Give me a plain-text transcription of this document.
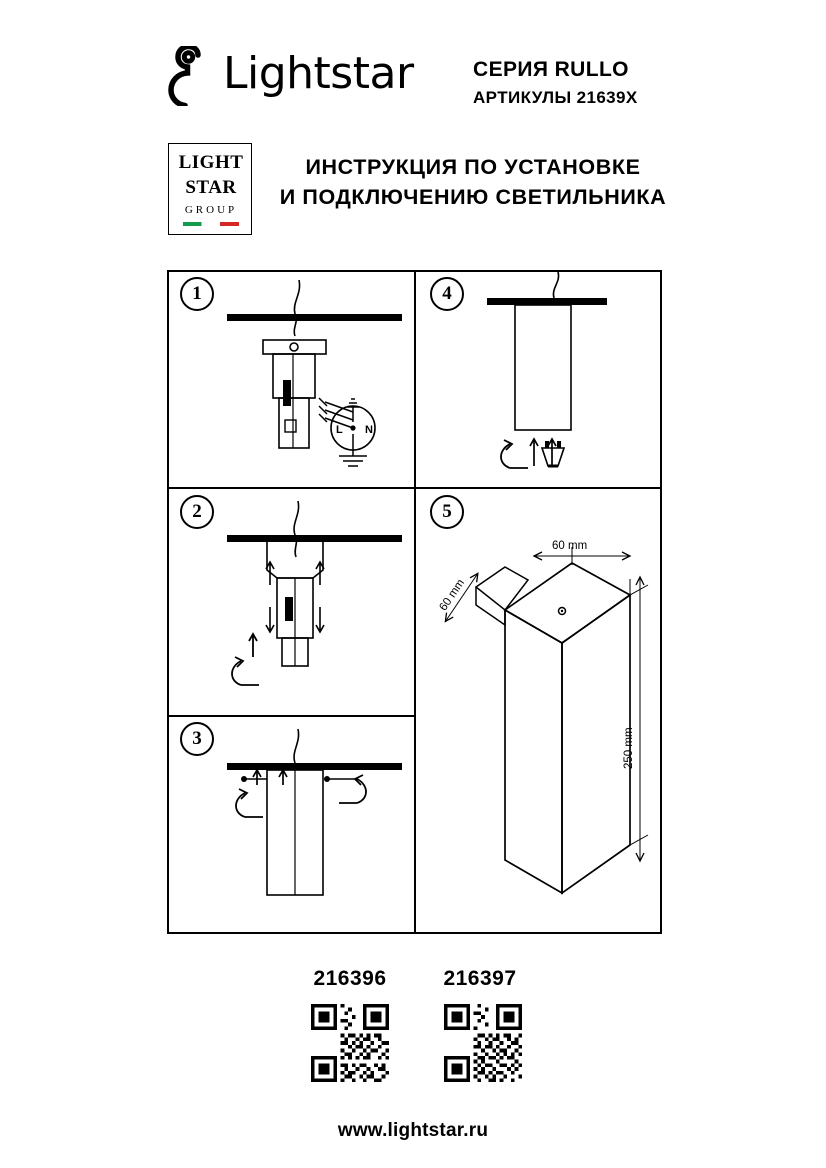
Lightstar	СЕРИЯ RULLO
АРТИКУЛЫ 21639X
LIGHT
STAR
GROUP
ИНСТРУКЦИЯ ПО УСТАНОВКЕ
И ПОДКЛЮЧЕНИЮ СВЕТИЛЬНИКА
1
2
3
4
5
L N
60 mm
60 mm
250 mm
216396	216397
www.lightstar.ru
